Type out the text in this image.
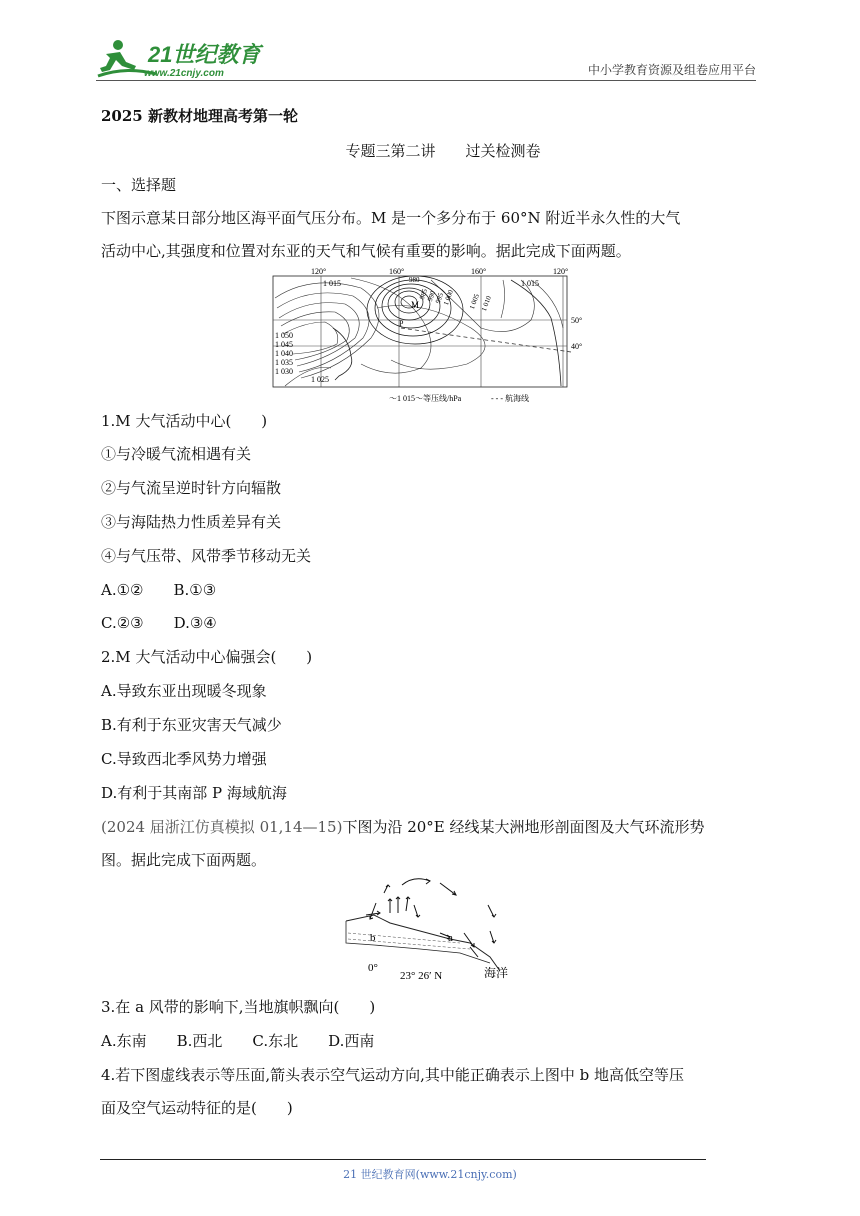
21世纪教育
www.21cnjy.com	中小学教育资源及组卷应用平台
2025 新教材地理高考第一轮
专题三第二讲　　过关检测卷
一、选择题
下图示意某日部分地区海平面气压分布。M 是一个多分布于 60°N 附近半永久性的大气
活动中心,其强度和位置对东亚的天气和气候有重要的影响。据此完成下面两题。
120°	160°	160°	120°
50°
40°
1 050
1 045
1 040
1 035
1 030
1 015
1 025
980
985
990
995
1 000 1 005 1 010
1 015
M
P
～1 015～等压线/hPa	- - - 航海线
1.M 大气活动中心(　　)
①与冷暖气流相遇有关
②与气流呈逆时针方向辐散
③与海陆热力性质差异有关
④与气压带、风带季节移动无关
A.①②　　B.①③
C.②③　　D.③④
2.M 大气活动中心偏强会(　　)
A.导致东亚出现暖冬现象
B.有利于东亚灾害天气减少
C.导致西北季风势力增强
D.有利于其南部 P 海域航海
(2024 届浙江仿真模拟 01,14—15)下图为沿 20°E 经线某大洲地形剖面图及大气环流形势
图。据此完成下面两题。
b	a
0°
23° 26′ N	海洋
3.在 a 风带的影响下,当地旗帜飘向(　　)
A.东南　　B.西北　　C.东北　　D.西南
4.若下图虚线表示等压面,箭头表示空气运动方向,其中能正确表示上图中 b 地高低空等压
面及空气运动特征的是(　　)
21 世纪教育网(www.21cnjy.com)
